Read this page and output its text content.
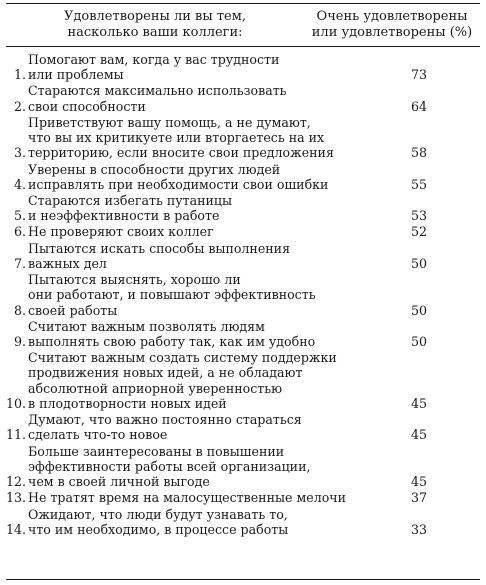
Удовлетворены ли вы тем,
насколько ваши коллеги:
Очень удовлетворены
или удовлетворены (%)
1.
Помогают вам, когда у вас трудности
или проблемы	73
2.
Стараются максимально использовать
свои способности	64
3.
Приветствуют вашу помощь, а не думают,
что вы их критикуете или вторгаетесь на их
территорию, если вносите свои предложения	58
4.
Уверены в способности других людей
исправлять при необходимости свои ошибки	55
5.
Стараются избегать путаницы
и неэффективности в работе	53
6. Не проверяют своих коллег	52
7.
Пытаются искать способы выполнения
важных дел	50
8.
Пытаются выяснять, хорошо ли
они работают, и повышают эффективность
своей работы	50
9.
Считают важным позволять людям
выполнять свою работу так, как им удобно	50
10.
Считают важным создать систему поддержки
продвижения новых идей, а не обладают
абсолютной априорной уверенностью
в плодотворности новых идей	45
11.
Думают, что важно постоянно стараться
сделать что-то новое	45
12.
Больше заинтересованы в повышении
эффективности работы всей организации,
чем в своей личной выгоде	45
13. Не тратят время на малосущественные мелочи	37
14.
Ожидают, что люди будут узнавать то,
что им необходимо, в процессе работы	33
